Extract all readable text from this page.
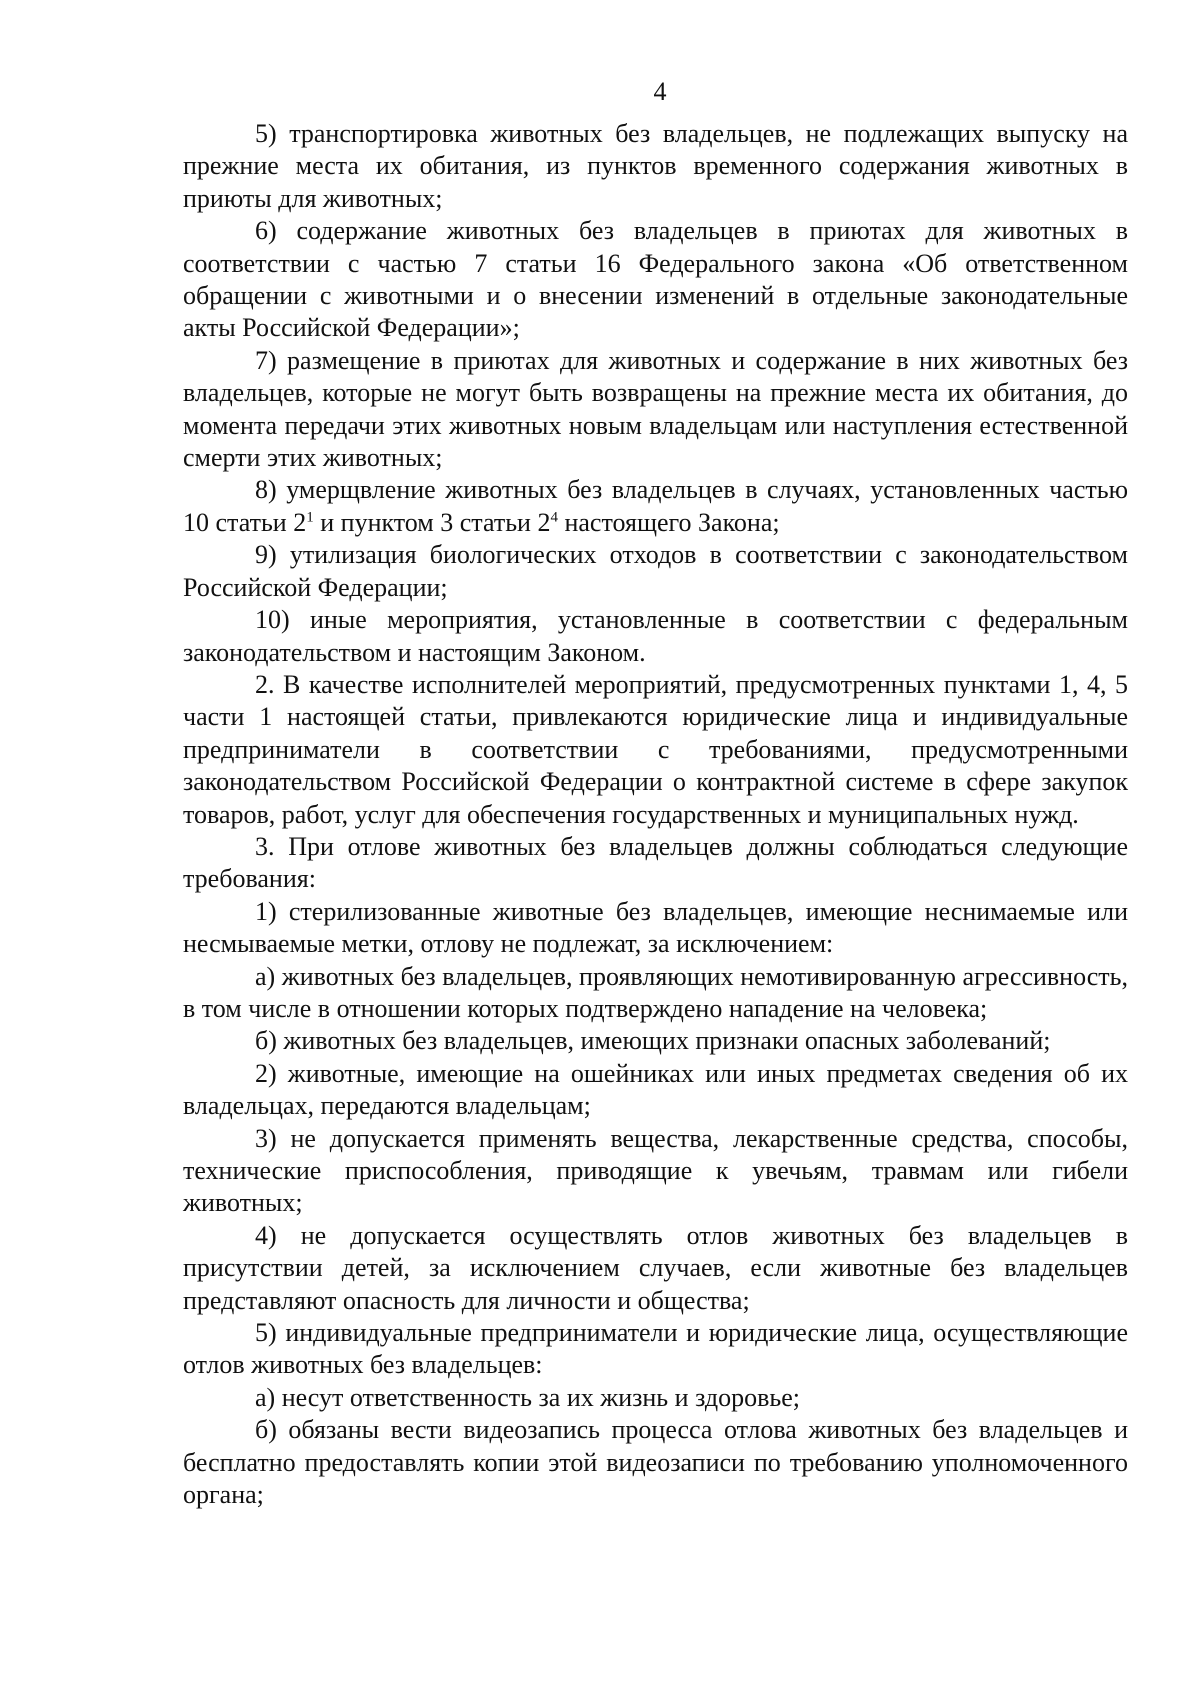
4

5) транспортировка животных без владельцев, не подлежащих выпуску на прежние места их обитания, из пунктов временного содержания животных в приюты для животных;

6) содержание животных без владельцев в приютах для животных в соответствии с частью 7 статьи 16 Федерального закона «Об ответственном обращении с животными и о внесении изменений в отдельные законодательные акты Российской Федерации»;

7) размещение в приютах для животных и содержание в них животных без владельцев, которые не могут быть возвращены на прежние места их обитания, до момента передачи этих животных новым владельцам или наступления естественной смерти этих животных;

8) умерщвление животных без владельцев в случаях, установленных частью 10 статьи $2^1$ и пунктом 3 статьи $2^4$ настоящего Закона;

9) утилизация биологических отходов в соответствии с законодательством Российской Федерации;

10) иные мероприятия, установленные в соответствии с федеральным законодательством и настоящим Законом.

2. В качестве исполнителей мероприятий, предусмотренных пунктами 1, 4, 5 части 1 настоящей статьи, привлекаются юридические лица и индивидуальные предприниматели в соответствии с требованиями, предусмотренными законодательством Российской Федерации о контрактной системе в сфере закупок товаров, работ, услуг для обеспечения государственных и муниципальных нужд.

3. При отлове животных без владельцев должны соблюдаться следующие требования:

1) стерилизованные животные без владельцев, имеющие неснимаемые или несмываемые метки, отлову не подлежат, за исключением:

а) животных без владельцев, проявляющих немотивированную агрессивность, в том числе в отношении которых подтверждено нападение на человека;

б) животных без владельцев, имеющих признаки опасных заболеваний;

2) животные, имеющие на ошейниках или иных предметах сведения об их владельцах, передаются владельцам;

3) не допускается применять вещества, лекарственные средства, способы, технические приспособления, приводящие к увечьям, травмам или гибели животных;

4) не допускается осуществлять отлов животных без владельцев в присутствии детей, за исключением случаев, если животные без владельцев представляют опасность для личности и общества;

5) индивидуальные предприниматели и юридические лица, осуществляющие отлов животных без владельцев:

а) несут ответственность за их жизнь и здоровье;

б) обязаны вести видеозапись процесса отлова животных без владельцев и бесплатно предоставлять копии этой видеозаписи по требованию уполномоченного органа;
